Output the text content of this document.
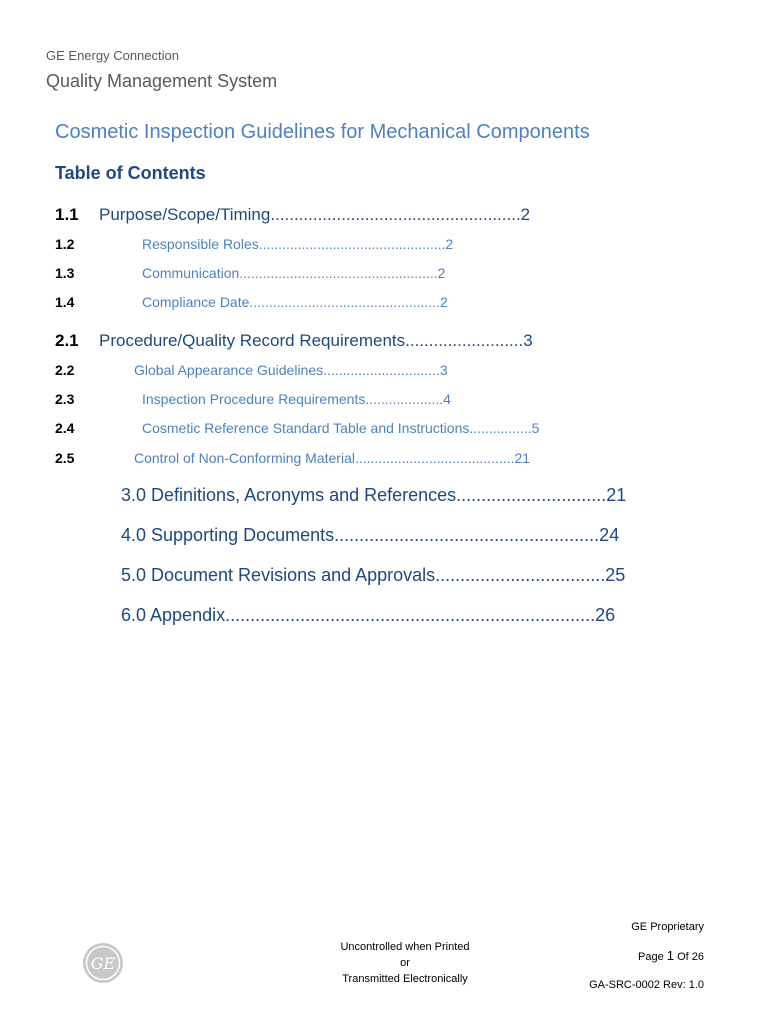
GE Energy Connection
Quality Management System
Cosmetic Inspection Guidelines for Mechanical Components
Table of Contents
1.1 Purpose/Scope/Timing.....................................................2
1.2	Responsible Roles................................................2
1.3	Communication...................................................2
1.4	Compliance Date.................................................2
2.1 Procedure/Quality Record Requirements.........................3
2.2	Global Appearance Guidelines..............................3
2.3	Inspection Procedure Requirements....................4
2.4	Cosmetic Reference Standard Table and Instructions................5
2.5	Control of Non-Conforming Material.........................................21
3.0 Definitions, Acronyms and References..............................21
4.0 Supporting Documents.....................................................24
5.0 Document Revisions and Approvals..................................25
6.0 Appendix..........................................................................26
GE
Uncontrolled when Printed
or
Transmitted Electronically
GE Proprietary
Page 1 Of 26
GA-SRC-0002 Rev: 1.0
